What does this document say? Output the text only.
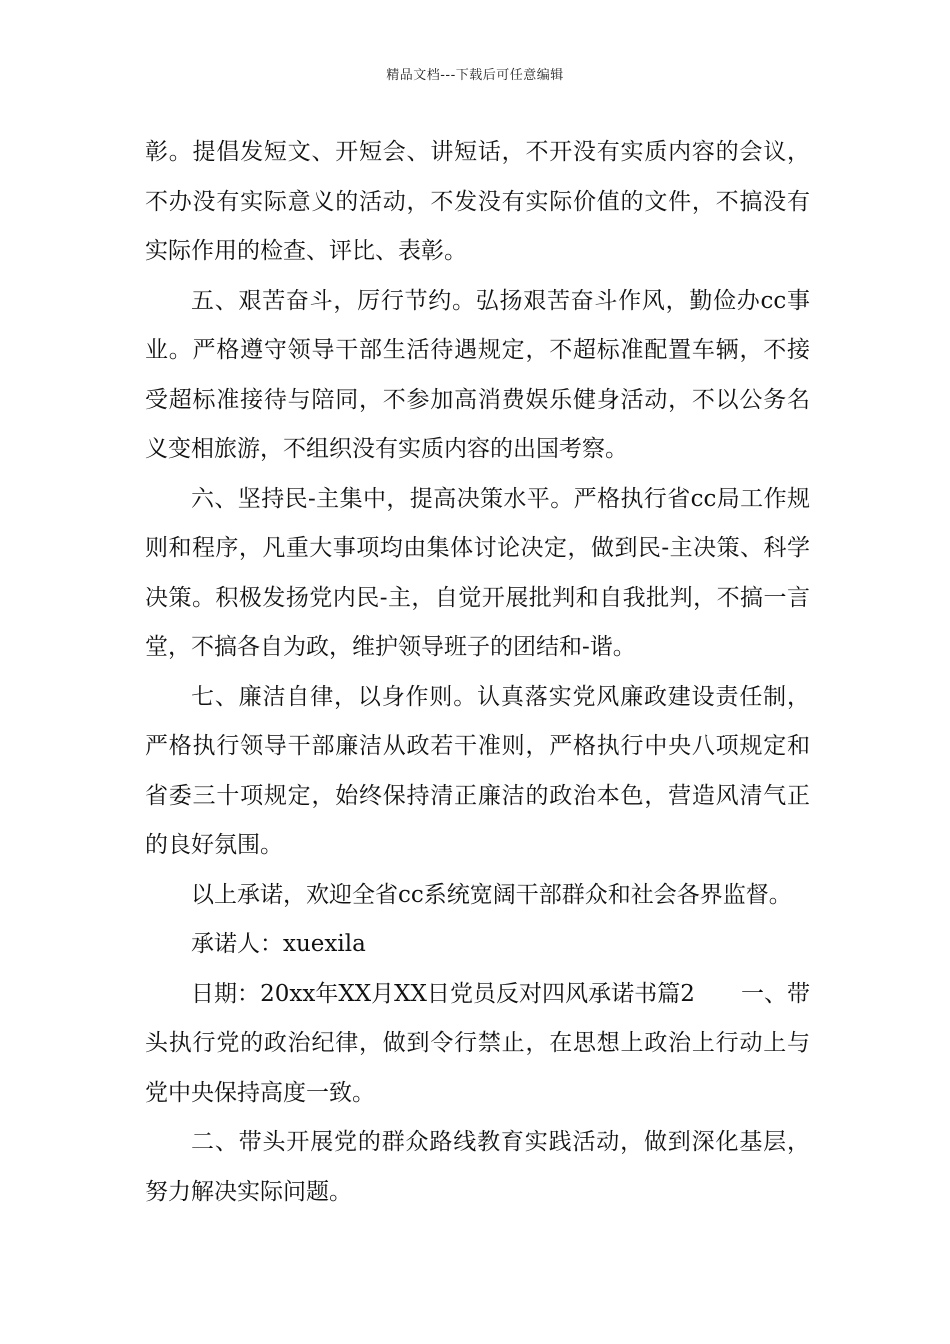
精品文档---下载后可任意编辑

彰。提倡发短文、开短会、讲短话，不开没有实质内容的会议，不办没有实际意义的活动，不发没有实际价值的文件，不搞没有实际作用的检查、评比、表彰。

五、艰苦奋斗，厉行节约。弘扬艰苦奋斗作风，勤俭办cc事业。严格遵守领导干部生活待遇规定，不超标准配置车辆，不接受超标准接待与陪同，不参加高消费娱乐健身活动，不以公务名义变相旅游，不组织没有实质内容的出国考察。

六、坚持民-主集中，提高决策水平。严格执行省cc局工作规则和程序，凡重大事项均由集体讨论决定，做到民-主决策、科学决策。积极发扬党内民-主，自觉开展批判和自我批判，不搞一言堂，不搞各自为政，维护领导班子的团结和-谐。

七、廉洁自律，以身作则。认真落实党风廉政建设责任制，严格执行领导干部廉洁从政若干准则，严格执行中央八项规定和省委三十项规定，始终保持清正廉洁的政治本色，营造风清气正的良好氛围。

以上承诺，欢迎全省cc系统宽阔干部群众和社会各界监督。

承诺人：xuexila

日期：20xx年XX月XX日党员反对四风承诺书篇2　　一、带头执行党的政治纪律，做到令行禁止，在思想上政治上行动上与党中央保持高度一致。

二、带头开展党的群众路线教育实践活动，做到深化基层，努力解决实际问题。
